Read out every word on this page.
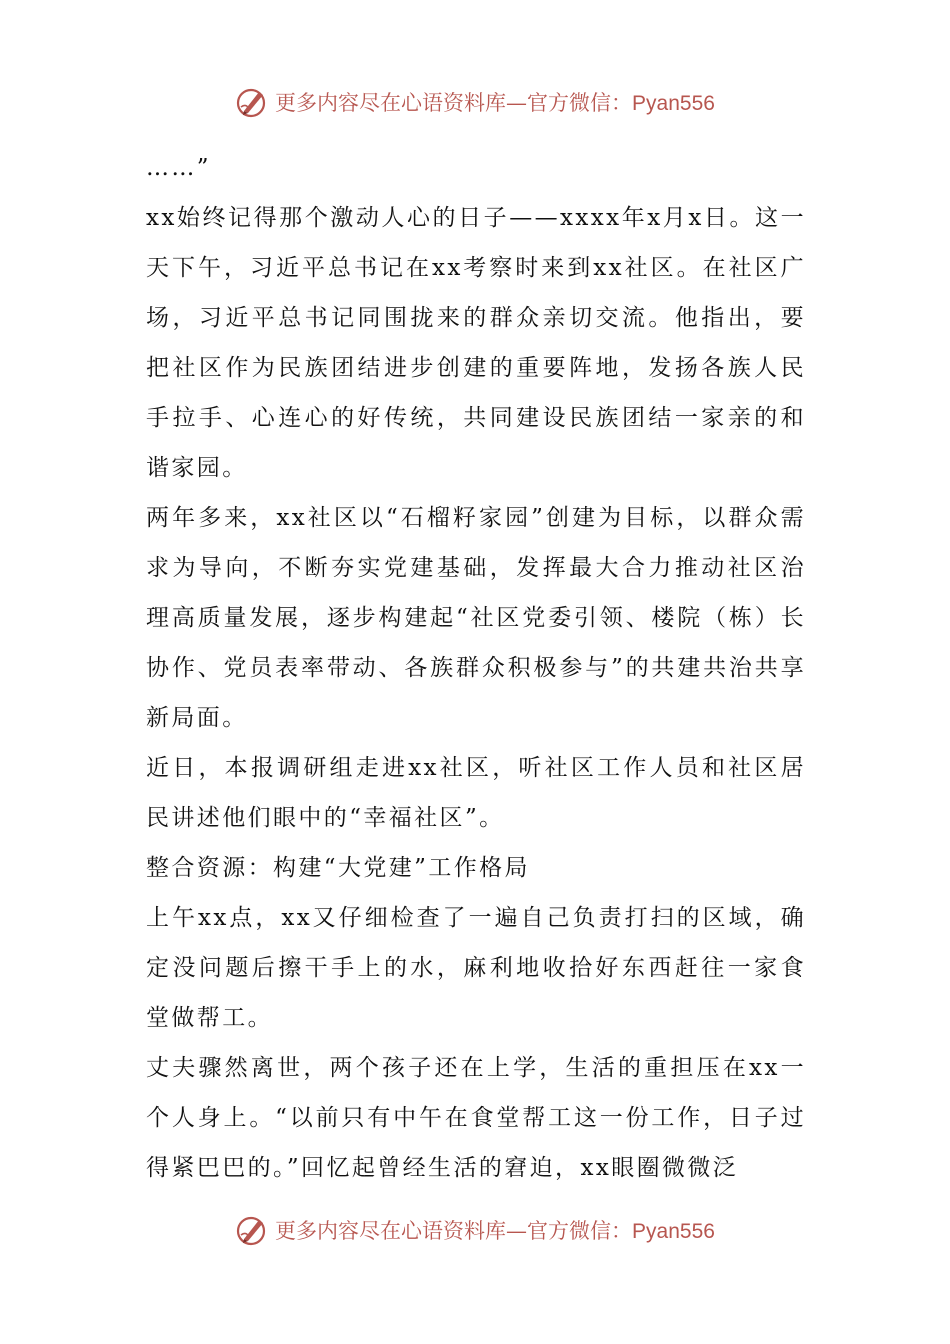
更多内容尽在心语资料库—官方微信：Pyan556

……”

xx始终记得那个激动人心的日子——xxxx年x月x日。这一天下午，习近平总书记在xx考察时来到xx社区。在社区广场，习近平总书记同围拢来的群众亲切交流。他指出，要把社区作为民族团结进步创建的重要阵地，发扬各族人民手拉手、心连心的好传统，共同建设民族团结一家亲的和谐家园。

两年多来，xx社区以“石榴籽家园”创建为目标，以群众需求为导向，不断夯实党建基础，发挥最大合力推动社区治理高质量发展，逐步构建起“社区党委引领、楼院（栋）长协作、党员表率带动、各族群众积极参与”的共建共治共享新局面。

近日，本报调研组走进xx社区，听社区工作人员和社区居民讲述他们眼中的“幸福社区”。

整合资源：构建“大党建”工作格局

上午xx点，xx又仔细检查了一遍自己负责打扫的区域，确定没问题后擦干手上的水，麻利地收拾好东西赶往一家食堂做帮工。

丈夫骤然离世，两个孩子还在上学，生活的重担压在xx一个人身上。“以前只有中午在食堂帮工这一份工作，日子过得紧巴巴的。”回忆起曾经生活的窘迫，xx眼圈微微泛

更多内容尽在心语资料库—官方微信：Pyan556
